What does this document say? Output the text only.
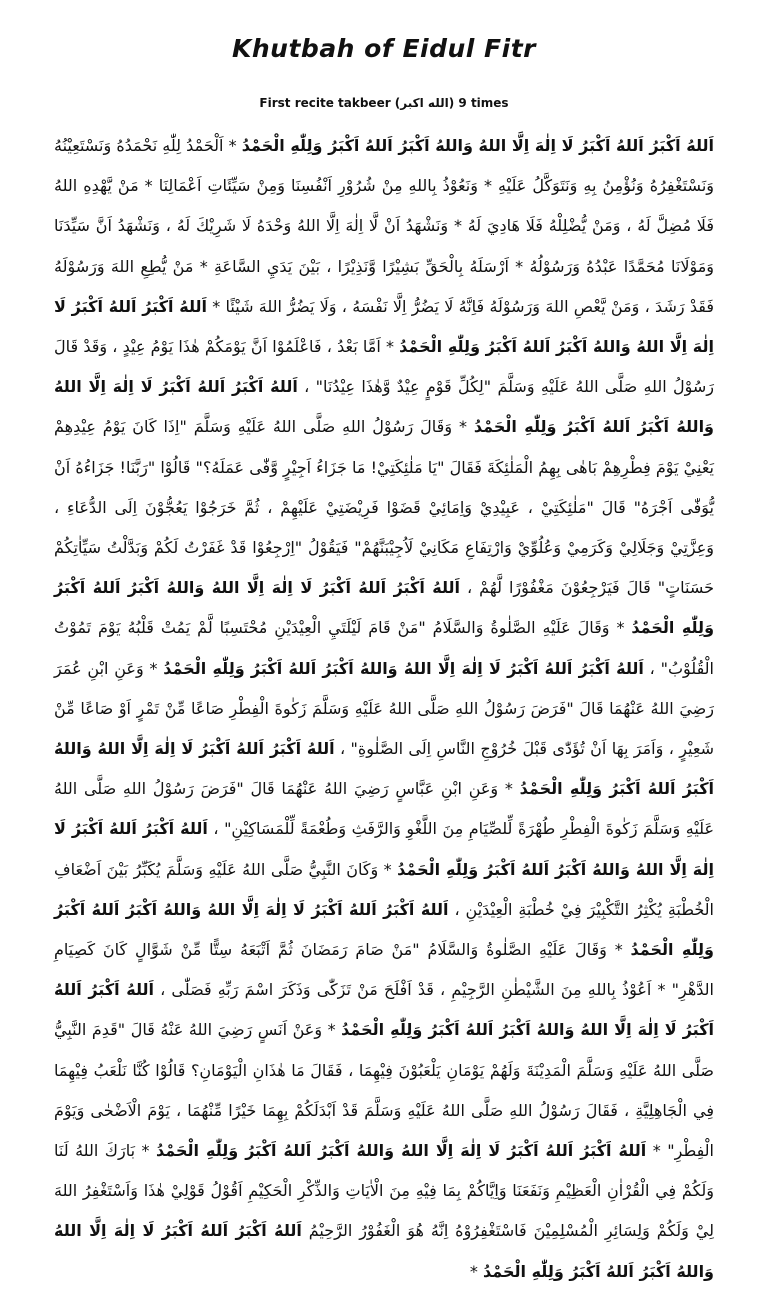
Khutbah of Eidul Fitr
First recite takbeer (الله اكبر) 9 times
اَللهُ اَكْبَرُ اَللهُ اَكْبَرُ لَا اِلٰهَ اِلَّا اللهُ وَاللهُ اَكْبَرُ اَللهُ اَكْبَرُ وَلِلّٰهِ الْحَمْدُ * اَلْحَمْدُ لِلّٰهِ نَحْمَدُهُ وَنَسْتَعِيْنُهُ وَنَسْتَغْفِرُهُ وَنُؤْمِنُ بِهِ وَنَتَوَكَّلُ عَلَيْهِ * وَنَعُوْذُ بِاللهِ مِنْ شُرُوْرِ اَنْفُسِنَا وَمِنْ سَيِّئَاتِ اَعْمَالِنَا * مَنْ يَّهْدِهِ اللهُ فَلَا مُضِلَّ لَهُ ، وَمَنْ يُّضْلِلْهُ فَلَا هَادِيَ لَهُ * وَنَشْهَدُ اَنْ لَّا اِلٰهَ اِلَّا اللهُ وَحْدَهُ لَا شَرِيْكَ لَهُ ، وَنَشْهَدُ اَنَّ سَيِّدَنَا وَمَوْلَانَا مُحَمَّدًا عَبْدُهُ وَرَسُوْلُهُ * اَرْسَلَهُ بِالْحَقِّ بَشِيْرًا وَّنَذِيْرًا ، بَيْنَ يَدَيِ السَّاعَةِ * مَنْ يُّطِعِ اللهَ وَرَسُوْلَهُ فَقَدْ رَشَدَ ، وَمَنْ يَّعْصِ اللهَ وَرَسُوْلَهُ فَاِنَّهُ لَا يَضُرُّ اِلَّا نَفْسَهُ ، وَلَا يَضُرُّ اللهَ شَيْئًا * اَللهُ اَكْبَرُ اَللهُ اَكْبَرُ لَا اِلٰهَ اِلَّا اللهُ وَاللهُ اَكْبَرُ اَللهُ اَكْبَرُ وَلِلّٰهِ الْحَمْدُ * اَمَّا بَعْدُ ، فَاعْلَمُوْا اَنَّ يَوْمَكُمْ هٰذَا يَوْمُ عِيْدٍ ، وَقَدْ قَالَ رَسُوْلُ اللهِ صَلَّى اللهُ عَلَيْهِ وَسَلَّمَ "لِكُلِّ قَوْمٍ عِيْدٌ وَّهٰذَا عِيْدُنَا" ، اَللهُ اَكْبَرُ اَللهُ اَكْبَرُ لَا اِلٰهَ اِلَّا اللهُ وَاللهُ اَكْبَرُ اَللهُ اَكْبَرُ وَلِلّٰهِ الْحَمْدُ * وَقَالَ رَسُوْلُ اللهِ صَلَّى اللهُ عَلَيْهِ وَسَلَّمَ "اِذَا كَانَ يَوْمُ عِيْدِهِمْ يَعْنِيْ يَوْمَ فِطْرِهِمْ بَاهٰى بِهِمُ الْمَلٰئِكَةَ فَقَالَ "يَا مَلٰئِكَتِيْ! مَا جَزَاءُ اَجِيْرٍ وَّفّٰى عَمَلَهُ؟" قَالُوْا "رَبَّنَا! جَزَاءُهُ اَنْ يُّوَفّٰى اَجْرَهُ" قَالَ "مَلٰئِكَتِيْ ، عَبِيْدِيْ وَاِمَائِيْ قَضَوْا فَرِيْضَتِيْ عَلَيْهِمْ ، ثُمَّ خَرَجُوْا يَعُجُّوْنَ اِلَى الدُّعَاءِ ، وَعِزَّتِيْ وَجَلَالِيْ وَكَرَمِيْ وَعُلُوِّيْ وَارْتِفَاعِ مَكَانِيْ لَاُجِيْبَنَّهُمْ" فَيَقُوْلُ "اِرْجِعُوْا قَدْ غَفَرْتُ لَكُمْ وَبَدَّلْتُ سَيِّاٰتِكُمْ حَسَنَاتٍ" قَالَ فَيَرْجِعُوْنَ مَغْفُوْرًا لَّهُمْ ، اَللهُ اَكْبَرُ اَللهُ اَكْبَرُ لَا اِلٰهَ اِلَّا اللهُ وَاللهُ اَكْبَرُ اَللهُ اَكْبَرُ وَلِلّٰهِ الْحَمْدُ * وَقَالَ عَلَيْهِ الصَّلٰوةُ وَالسَّلَامُ "مَنْ قَامَ لَيْلَتَيِ الْعِيْدَيْنِ مُحْتَسِبًا لَّمْ يَمُتْ قَلْبُهُ يَوْمَ تَمُوْتُ الْقُلُوْبُ" ، اَللهُ اَكْبَرُ اَللهُ اَكْبَرُ لَا اِلٰهَ اِلَّا اللهُ وَاللهُ اَكْبَرُ اَللهُ اَكْبَرُ وَلِلّٰهِ الْحَمْدُ * وَعَنِ ابْنِ عُمَرَ رَضِيَ اللهُ عَنْهُمَا قَالَ "فَرَضَ رَسُوْلُ اللهِ صَلَّى اللهُ عَلَيْهِ وَسَلَّمَ زَكٰوةَ الْفِطْرِ صَاعًا مِّنْ تَمْرٍ اَوْ صَاعًا مِّنْ شَعِيْرٍ ، وَاَمَرَ بِهَا اَنْ تُؤَدّٰى قَبْلَ خُرُوْجِ النَّاسِ اِلَى الصَّلٰوةِ" ، اَللهُ اَكْبَرُ اَللهُ اَكْبَرُ لَا اِلٰهَ اِلَّا اللهُ وَاللهُ اَكْبَرُ اَللهُ اَكْبَرُ وَلِلّٰهِ الْحَمْدُ * وَعَنِ ابْنِ عَبَّاسٍ رَضِيَ اللهُ عَنْهُمَا قَالَ "فَرَضَ رَسُوْلُ اللهِ صَلَّى اللهُ عَلَيْهِ وَسَلَّمَ زَكٰوةَ الْفِطْرِ طُهْرَةً لِّلصِّيَامِ مِنَ اللَّغْوِ وَالرَّفَثِ وَطُعْمَةً لِّلْمَسَاكِيْنِ" ، اَللهُ اَكْبَرُ اَللهُ اَكْبَرُ لَا اِلٰهَ اِلَّا اللهُ وَاللهُ اَكْبَرُ اَللهُ اَكْبَرُ وَلِلّٰهِ الْحَمْدُ * وَكَانَ النَّبِيُّ صَلَّى اللهُ عَلَيْهِ وَسَلَّمَ يُكَبِّرُ بَيْنَ اَضْعَافِ الْخُطْبَةِ يُكْثِرُ التَّكْبِيْرَ فِيْ خُطْبَةِ الْعِيْدَيْنِ ، اَللهُ اَكْبَرُ اَللهُ اَكْبَرُ لَا اِلٰهَ اِلَّا اللهُ وَاللهُ اَكْبَرُ اَللهُ اَكْبَرُ وَلِلّٰهِ الْحَمْدُ * وَقَالَ عَلَيْهِ الصَّلٰوةُ وَالسَّلَامُ "مَنْ صَامَ رَمَضَانَ ثُمَّ اَتْبَعَهُ سِتًّا مِّنْ شَوَّالٍ كَانَ كَصِيَامِ الدَّهْرِ" * اَعُوْذُ بِاللهِ مِنَ الشَّيْطٰنِ الرَّجِيْمِ ، قَدْ اَفْلَحَ مَنْ تَزَكّٰى وَذَكَرَ اسْمَ رَبِّهِ فَصَلّٰى ، اَللهُ اَكْبَرُ اَللهُ اَكْبَرُ لَا اِلٰهَ اِلَّا اللهُ وَاللهُ اَكْبَرُ اَللهُ اَكْبَرُ وَلِلّٰهِ الْحَمْدُ * وَعَنْ اَنَسٍ رَضِيَ اللهُ عَنْهُ قَالَ "قَدِمَ النَّبِيُّ صَلَّى اللهُ عَلَيْهِ وَسَلَّمَ الْمَدِيْنَةَ وَلَهُمْ يَوْمَانِ يَلْعَبُوْنَ فِيْهِمَا ، فَقَالَ مَا هٰذَانِ الْيَوْمَانِ؟ قَالُوْا كُنَّا نَلْعَبُ فِيْهِمَا فِي الْجَاهِلِيَّةِ ، فَقَالَ رَسُوْلُ اللهِ صَلَّى اللهُ عَلَيْهِ وَسَلَّمَ قَدْ اَبْدَلَكُمْ بِهِمَا خَيْرًا مِّنْهُمَا ، يَوْمَ الْاَضْحٰى وَيَوْمَ الْفِطْرِ" * اَللهُ اَكْبَرُ اَللهُ اَكْبَرُ لَا اِلٰهَ اِلَّا اللهُ وَاللهُ اَكْبَرُ اَللهُ اَكْبَرُ وَلِلّٰهِ الْحَمْدُ * بَارَكَ اللهُ لَنَا وَلَكُمْ فِي الْقُرْاٰنِ الْعَظِيْمِ وَنَفَعَنَا وَاِيَّاكُمْ بِمَا فِيْهِ مِنَ الْاٰيَاتِ وَالذِّكْرِ الْحَكِيْمِ اَقُوْلُ قَوْلِيْ هٰذَا وَاَسْتَغْفِرُ اللهَ لِيْ وَلَكُمْ وَلِسَائِرِ الْمُسْلِمِيْنَ فَاسْتَغْفِرُوْهُ اِنَّهُ هُوَ الْغَفُوْرُ الرَّحِيْمُ اَللهُ اَكْبَرُ اَللهُ اَكْبَرُ لَا اِلٰهَ اِلَّا اللهُ وَاللهُ اَكْبَرُ اَللهُ اَكْبَرُ وَلِلّٰهِ الْحَمْدُ *
